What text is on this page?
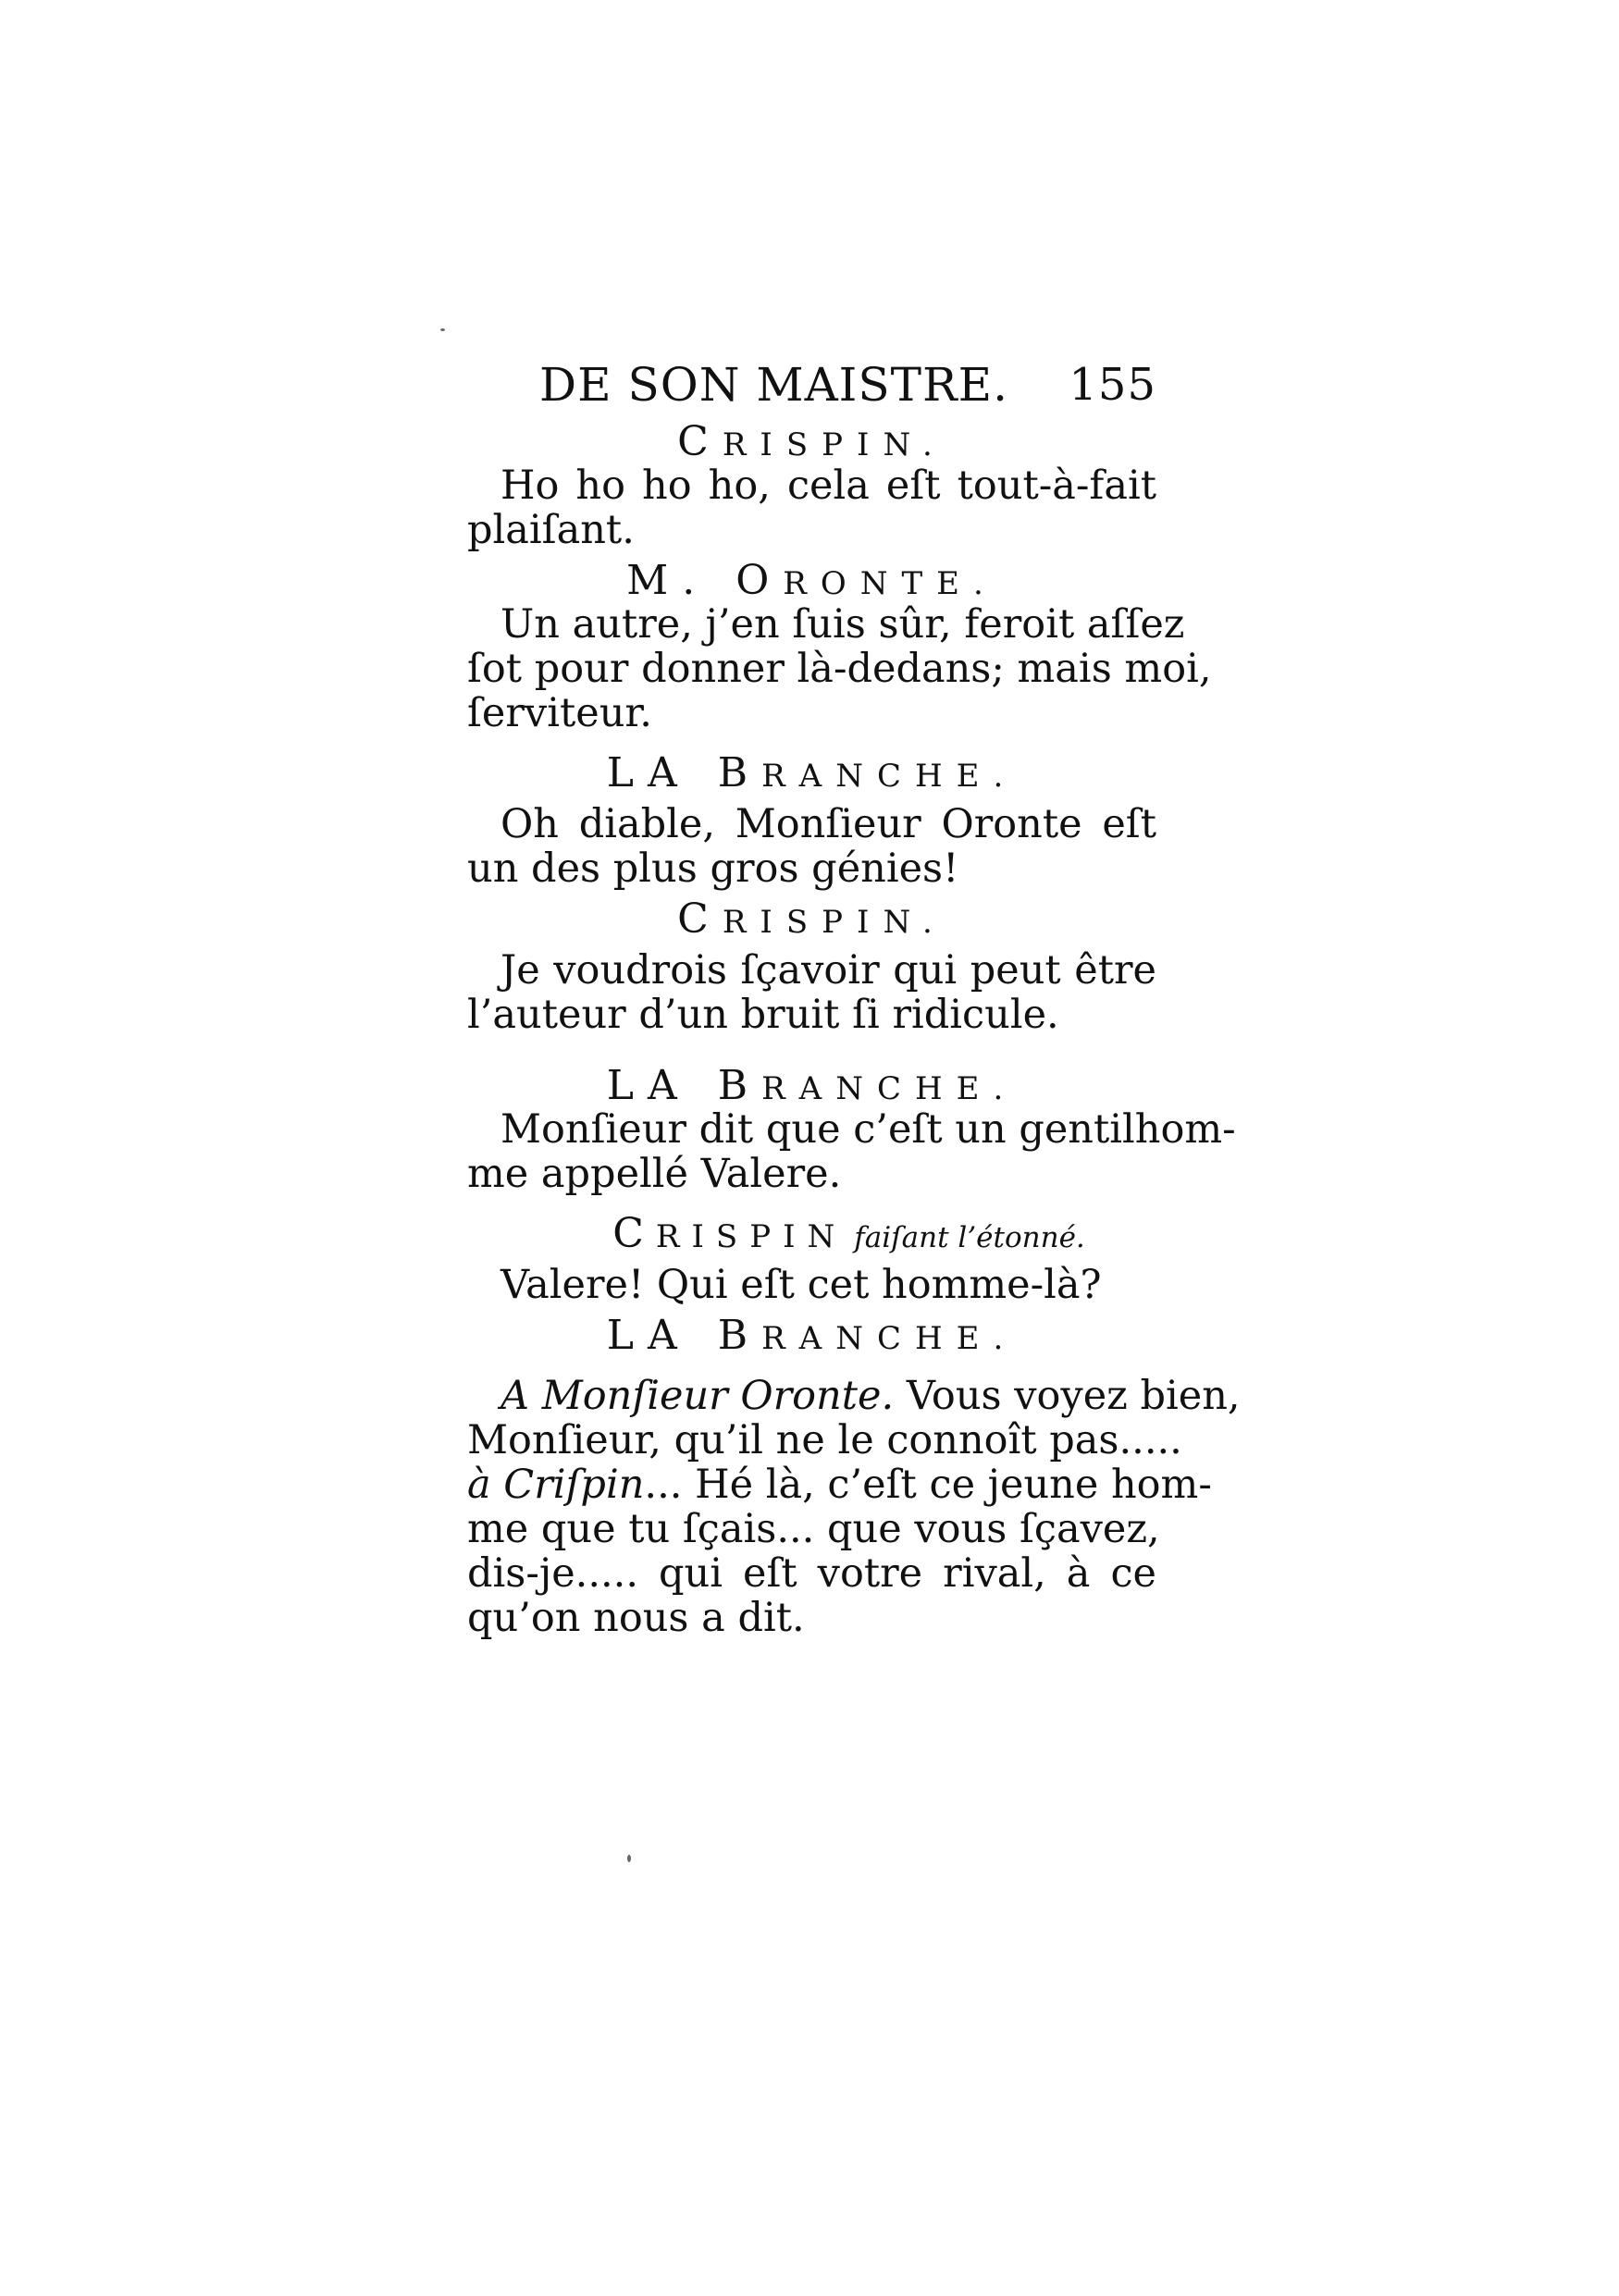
DE SON MAISTRE. 155

CRISPIN.

Ho ho ho ho, cela eſt tout-à-fait
plaiſant.

M. ORONTE.

Un autre, j’en ſuis sûr, feroit aſſez
ſot pour donner là-dedans; mais moi,
ſerviteur.

LA BRANCHE.

Oh diable, Monſieur Oronte eſt
un des plus gros génies!

CRISPIN.

Je voudrois ſçavoir qui peut être
l’auteur d’un bruit ſi ridicule.

LA BRANCHE.

Monſieur dit que c’eſt un gentilhom-
me appellé Valere.

CRISPIN faiſant l’étonné.

Valere! Qui eſt cet homme-là?

LA BRANCHE.

A Monſieur Oronte. Vous voyez bien,
Monſieur, qu’il ne le connoît pas.....
à Criſpin... Hé là, c’eſt ce jeune hom-
me que tu ſçais... que vous ſçavez,
dis-je..... qui eſt votre rival, à ce
qu’on nous a dit.
